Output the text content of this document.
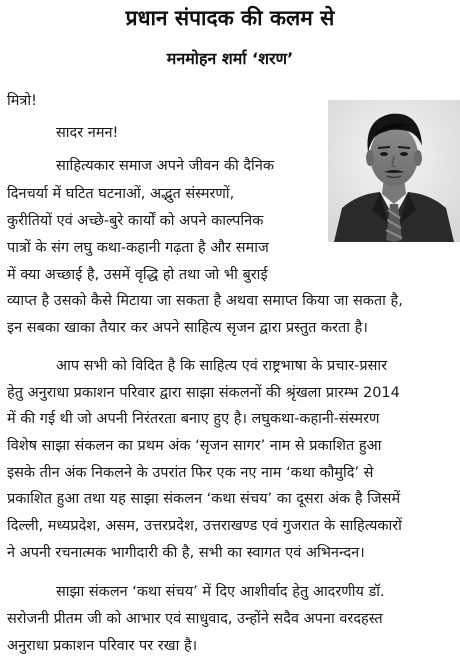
प्रधान संपादक की कलम से
मनमोहन शर्मा ‘शरण’
मित्रो!
सादर नमन!
साहित्यकार समाज अपने जीवन की दैनिक
दिनचर्या में घटित घटनाओं, अद्भुत संस्मरणों,
कुरीतियों एवं अच्छे-बुरे कार्यों को अपने काल्पनिक
पात्रों के संग लघु कथा-कहानी गढ़ता है और समाज
में क्या अच्छाई है, उसमें वृद्धि हो तथा जो भी बुराई
व्याप्त है उसको कैसे मिटाया जा सकता है अथवा समाप्त किया जा सकता है,
इन सबका खाका तैयार कर अपने साहित्य सृजन द्वारा प्रस्तुत करता है।
आप सभी को विदित है कि साहित्य एवं राष्ट्रभाषा के प्रचार-प्रसार
हेतु अनुराधा प्रकाशन परिवार द्वारा साझा संकलनों की श्रृंखला प्रारम्भ 2014
में की गई थी जो अपनी निरंतरता बनाए हुए है। लघुकथा-कहानी-संस्मरण
विशेष साझा संकलन का प्रथम अंक ‘सृजन सागर’ नाम से प्रकाशित हुआ
इसके तीन अंक निकलने के उपरांत फिर एक नए नाम ‘कथा कौमुदि’ से
प्रकाशित हुआ तथा यह साझा संकलन ‘कथा संचय’ का दूसरा अंक है जिसमें
दिल्ली, मध्यप्रदेश, असम, उत्तरप्रदेश, उत्तराखण्ड एवं गुजरात के साहित्यकारों
ने अपनी रचनात्मक भागीदारी की है, सभी का स्वागत एवं अभिनन्दन।
साझा संकलन ‘कथा संचय’ में दिए आशीर्वाद हेतु आदरणीय डॉ.
सरोजनी प्रीतम जी को आभार एवं साधुवाद, उन्होंने सदैव अपना वरदहस्त
अनुराधा प्रकाशन परिवार पर रखा है।
